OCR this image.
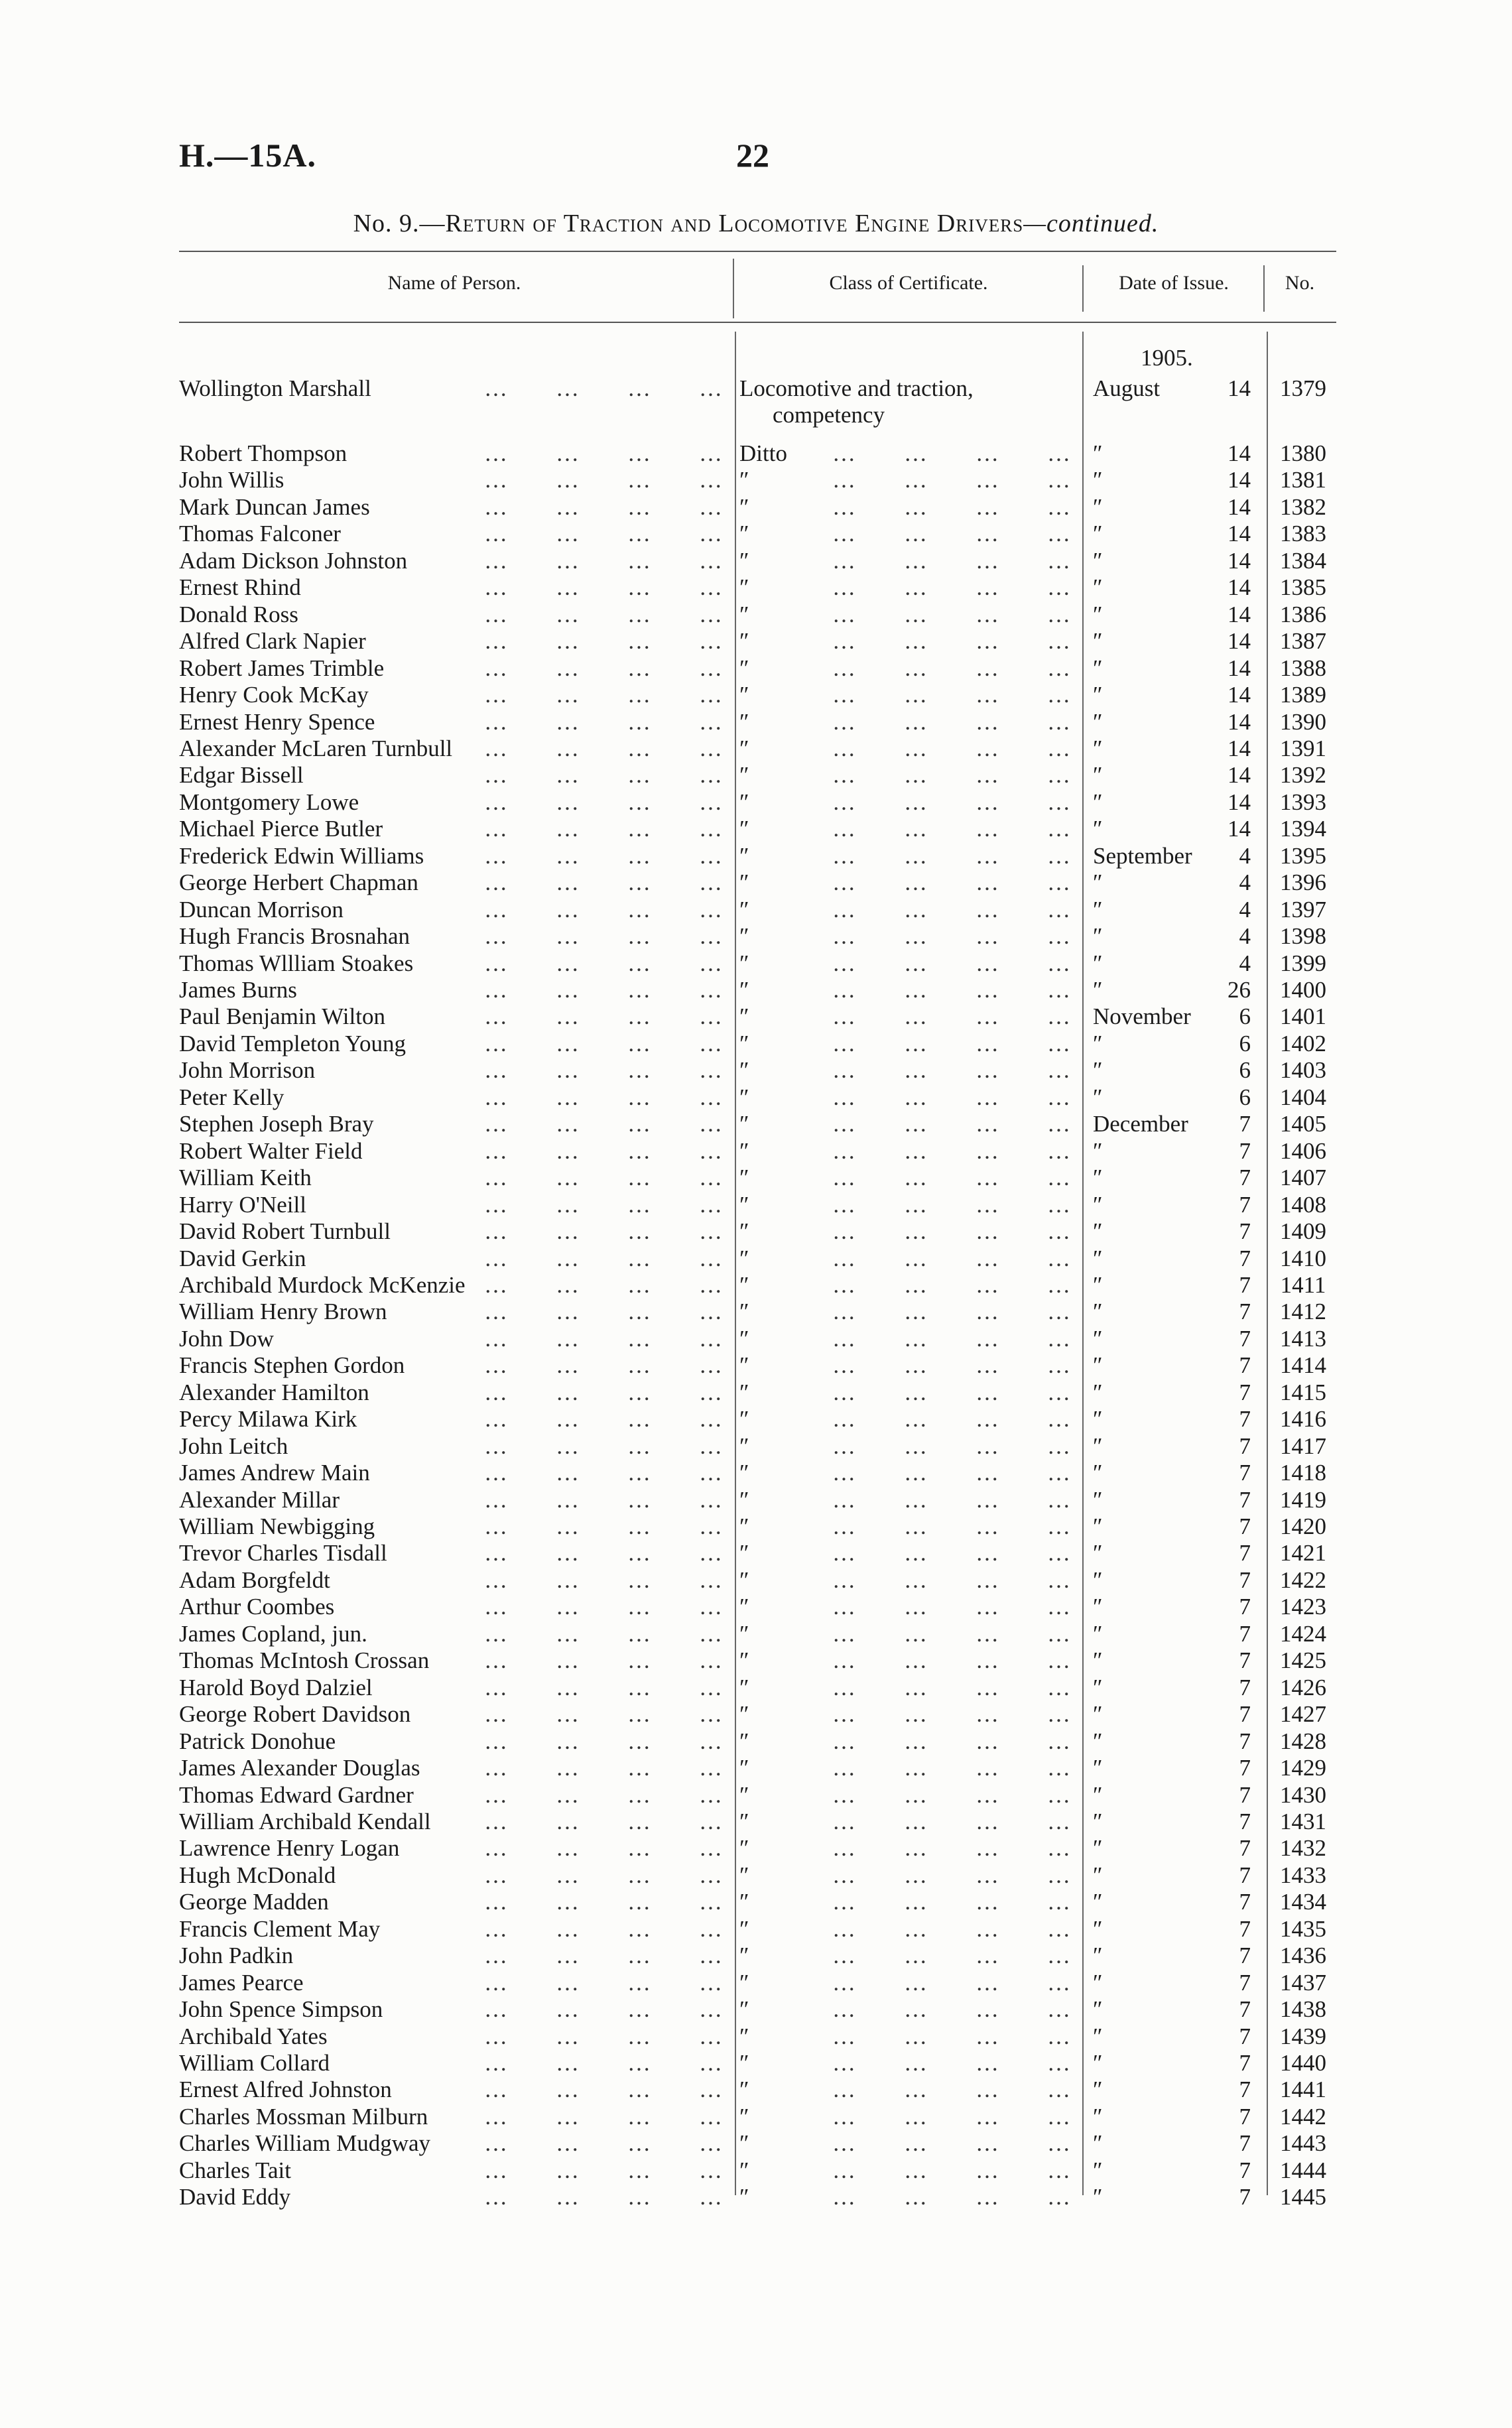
H.—15A.	22
No. 9.—Return of Traction and Locomotive Engine Drivers—continued.
Name of Person.	Class of Certificate.	Date of Issue.	No.
1905.
Wollington Marshall	Locomotive and traction,	August	14 1379
…  …  …  …
competency
Robert Thompson	Ditto	″	14 1380
…  …  …  …	…  …  …  …
John Willis	″	″	14 1381
…  …  …  …	…  …  …  …
Mark Duncan James	″	″	14 1382
…  …  …  …	…  …  …  …
Thomas Falconer	″	″	14 1383
…  …  …  …	…  …  …  …
Adam Dickson Johnston	″	″	14 1384
…  …  …  …	…  …  …  …
Ernest Rhind	″	″	14 1385
…  …  …  …	…  …  …  …
Donald Ross	″	″	14 1386
…  …  …  …	…  …  …  …
Alfred Clark Napier	″	″	14 1387
…  …  …  …	…  …  …  …
Robert James Trimble	″	″	14 1388
…  …  …  …	…  …  …  …
Henry Cook McKay	″	″	14 1389
…  …  …  …	…  …  …  …
Ernest Henry Spence	″	″	14 1390
…  …  …  …	…  …  …  …
Alexander McLaren Turnbull	″	″	14 1391
…  …  …  …	…  …  …  …
Edgar Bissell	″	″	14 1392
…  …  …  …	…  …  …  …
Montgomery Lowe	″	″	14 1393
…  …  …  …	…  …  …  …
Michael Pierce Butler	″	″	14 1394
…  …  …  …	…  …  …  …
Frederick Edwin Williams	″	September	4 1395
…  …  …  …	…  …  …  …
George Herbert Chapman	″	″	4 1396
…  …  …  …	…  …  …  …
Duncan Morrison	″	″	4 1397
…  …  …  …	…  …  …  …
Hugh Francis Brosnahan	″	″	4 1398
…  …  …  …	…  …  …  …
Thomas Wllliam Stoakes	″	″	4 1399
…  …  …  …	…  …  …  …
James Burns	″	″	26 1400
…  …  …  …	…  …  …  …
Paul Benjamin Wilton	″	November	6 1401
…  …  …  …	…  …  …  …
David Templeton Young	″	″	6 1402
…  …  …  …	…  …  …  …
John Morrison	″	″	6 1403
…  …  …  …	…  …  …  …
Peter Kelly	″	″	6 1404
…  …  …  …	…  …  …  …
Stephen Joseph Bray	″	December	7 1405
…  …  …  …	…  …  …  …
Robert Walter Field	″	″	7 1406
…  …  …  …	…  …  …  …
William Keith	″	″	7 1407
…  …  …  …	…  …  …  …
Harry O'Neill	″	″	7 1408
…  …  …  …	…  …  …  …
David Robert Turnbull	″	″	7 1409
…  …  …  …	…  …  …  …
David Gerkin	″	″	7 1410
…  …  …  …	…  …  …  …
Archibald Murdock McKenzie	″	″	7 1411
…  …  …  …	…  …  …  …
William Henry Brown	″	″	7 1412
…  …  …  …	…  …  …  …
John Dow	″	″	7 1413
…  …  …  …	…  …  …  …
Francis Stephen Gordon	″	″	7 1414
…  …  …  …	…  …  …  …
Alexander Hamilton	″	″	7 1415
…  …  …  …	…  …  …  …
Percy Milawa Kirk	″	″	7 1416
…  …  …  …	…  …  …  …
John Leitch	″	″	7 1417
…  …  …  …	…  …  …  …
James Andrew Main	″	″	7 1418
…  …  …  …	…  …  …  …
Alexander Millar	″	″	7 1419
…  …  …  …	…  …  …  …
William Newbigging	″	″	7 1420
…  …  …  …	…  …  …  …
Trevor Charles Tisdall	″	″	7 1421
…  …  …  …	…  …  …  …
Adam Borgfeldt	″	″	7 1422
…  …  …  …	…  …  …  …
Arthur Coombes	″	″	7 1423
…  …  …  …	…  …  …  …
James Copland, jun.	″	″	7 1424
…  …  …  …	…  …  …  …
Thomas McIntosh Crossan	″	″	7 1425
…  …  …  …	…  …  …  …
Harold Boyd Dalziel	″	″	7 1426
…  …  …  …	…  …  …  …
George Robert Davidson	″	″	7 1427
…  …  …  …	…  …  …  …
Patrick Donohue	″	″	7 1428
…  …  …  …	…  …  …  …
James Alexander Douglas	″	″	7 1429
…  …  …  …	…  …  …  …
Thomas Edward Gardner	″	″	7 1430
…  …  …  …	…  …  …  …
William Archibald Kendall	″	″	7 1431
…  …  …  …	…  …  …  …
Lawrence Henry Logan	″	″	7 1432
…  …  …  …	…  …  …  …
Hugh McDonald	″	″	7 1433
…  …  …  …	…  …  …  …
George Madden	″	″	7 1434
…  …  …  …	…  …  …  …
Francis Clement May	″	″	7 1435
…  …  …  …	…  …  …  …
John Padkin	″	″	7 1436
…  …  …  …	…  …  …  …
James Pearce	″	″	7 1437
…  …  …  …	…  …  …  …
John Spence Simpson	″	″	7 1438
…  …  …  …	…  …  …  …
Archibald Yates	″	″	7 1439
…  …  …  …	…  …  …  …
William Collard	″	″	7 1440
…  …  …  …	…  …  …  …
Ernest Alfred Johnston	″	″	7 1441
…  …  …  …	…  …  …  …
Charles Mossman Milburn	″	″	7 1442
…  …  …  …	…  …  …  …
Charles William Mudgway	″	″	7 1443
…  …  …  …	…  …  …  …
Charles Tait	″	″	7 1444
…  …  …  …	…  …  …  …
David Eddy	″	″	7 1445
…  …  …  …	…  …  …  …
